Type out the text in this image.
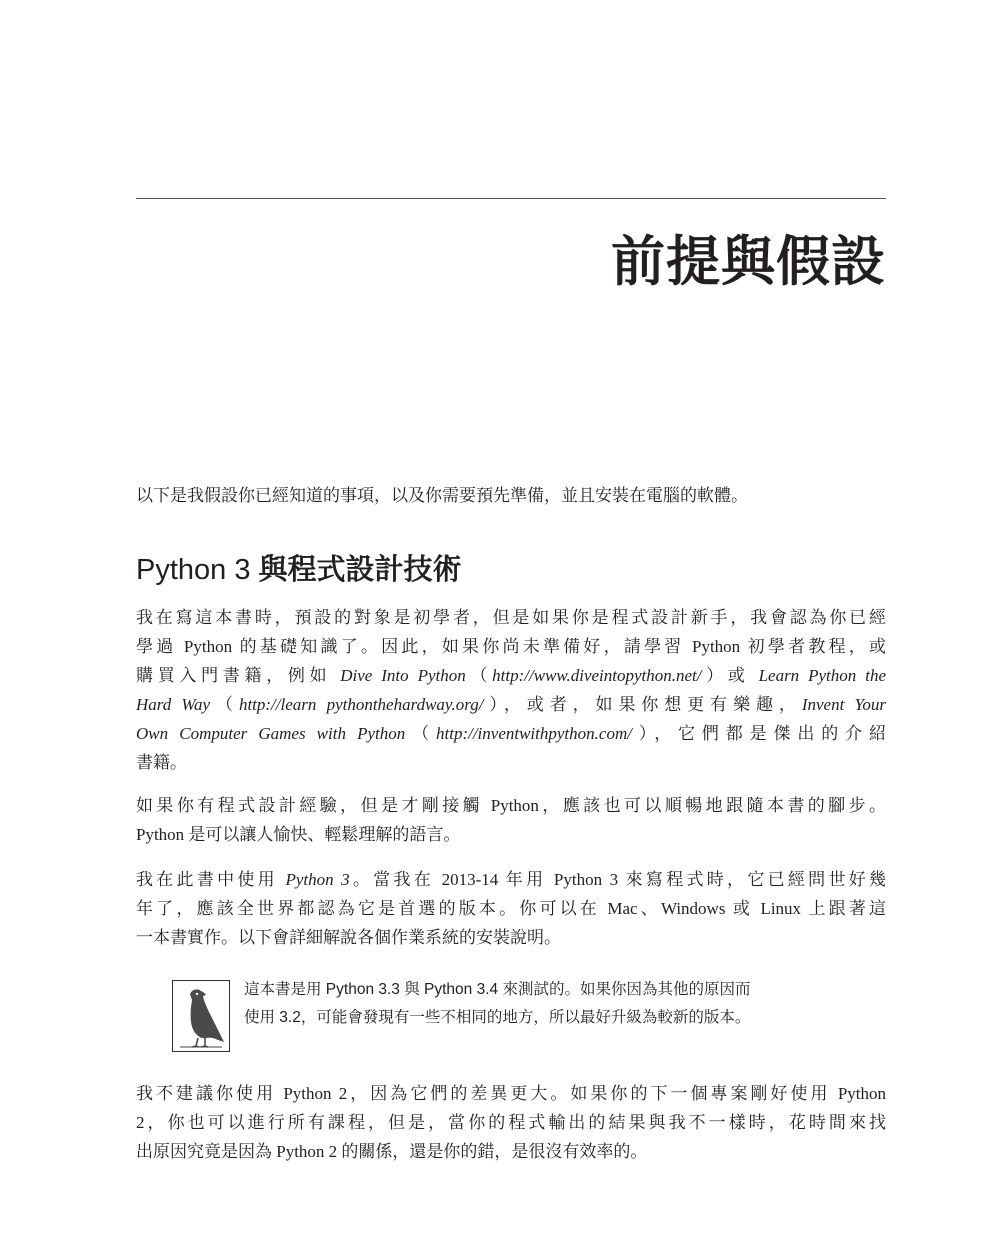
前提與假設

以下是我假設你已經知道的事項，以及你需要預先準備，並且安裝在電腦的軟體。

Python 3 與程式設計技術
我在寫這本書時，預設的對象是初學者，但是如果你是程式設計新手，我會認為你已經
學過 Python 的基礎知識了。因此，如果你尚未準備好，請學習 Python 初學者教程，或
購買入門書籍，例如 Dive Into Python（http://www.diveintopython.net/）或 Learn Python the
Hard Way（http://learn pythonthehardway.org/），或者，如果你想更有樂趣，Invent Your
Own Computer Games with Python（http://inventwithpython.com/），它們都是傑出的介紹
書籍。
如果你有程式設計經驗，但是才剛接觸 Python，應該也可以順暢地跟隨本書的腳步。
Python 是可以讓人愉快、輕鬆理解的語言。
我在此書中使用 Python 3。當我在 2013-14 年用 Python 3 來寫程式時，它已經問世好幾
年了，應該全世界都認為它是首選的版本。你可以在 Mac、Windows 或 Linux 上跟著這
一本書實作。以下會詳細解說各個作業系統的安裝說明。
這本書是用 Python 3.3 與 Python 3.4 來測試的。如果你因為其他的原因而
使用 3.2，可能會發現有一些不相同的地方，所以最好升級為較新的版本。
我不建議你使用 Python 2，因為它們的差異更大。如果你的下一個專案剛好使用 Python
2，你也可以進行所有課程，但是，當你的程式輸出的結果與我不一樣時，花時間來找
出原因究竟是因為 Python 2 的關係，還是你的錯，是很沒有效率的。
